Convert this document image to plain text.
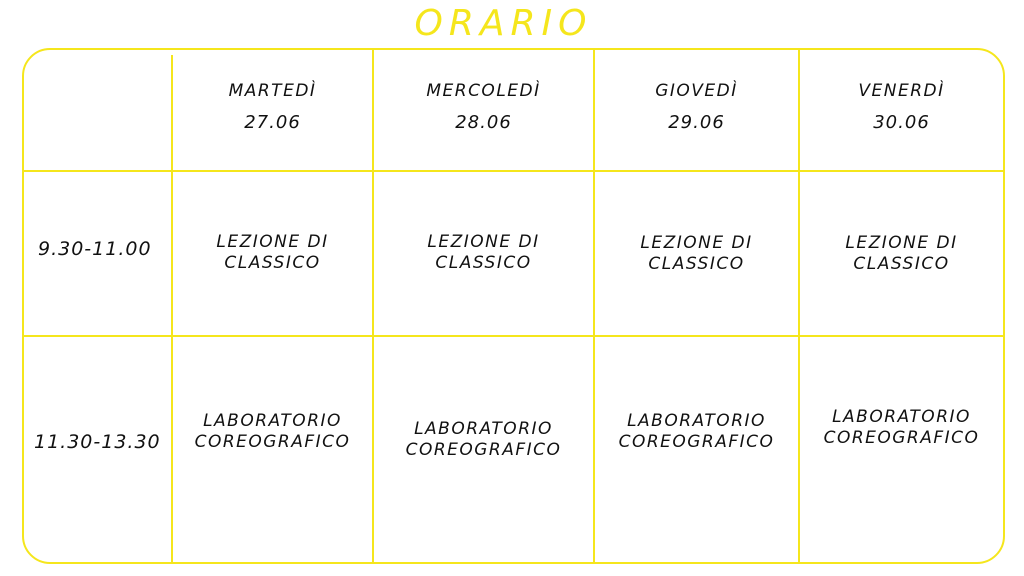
ORARIO
MARTEDÌ
27.06
MERCOLEDÌ
28.06
GIOVEDÌ
29.06
VENERDÌ
30.06
9.30-11.00
11.30-13.30
LEZIONE DI
CLASSICO
LEZIONE DI
CLASSICO
LEZIONE DI
CLASSICO
LEZIONE DI
CLASSICO
LABORATORIO
COREOGRAFICO
LABORATORIO
COREOGRAFICO
LABORATORIO
COREOGRAFICO
LABORATORIO
COREOGRAFICO
